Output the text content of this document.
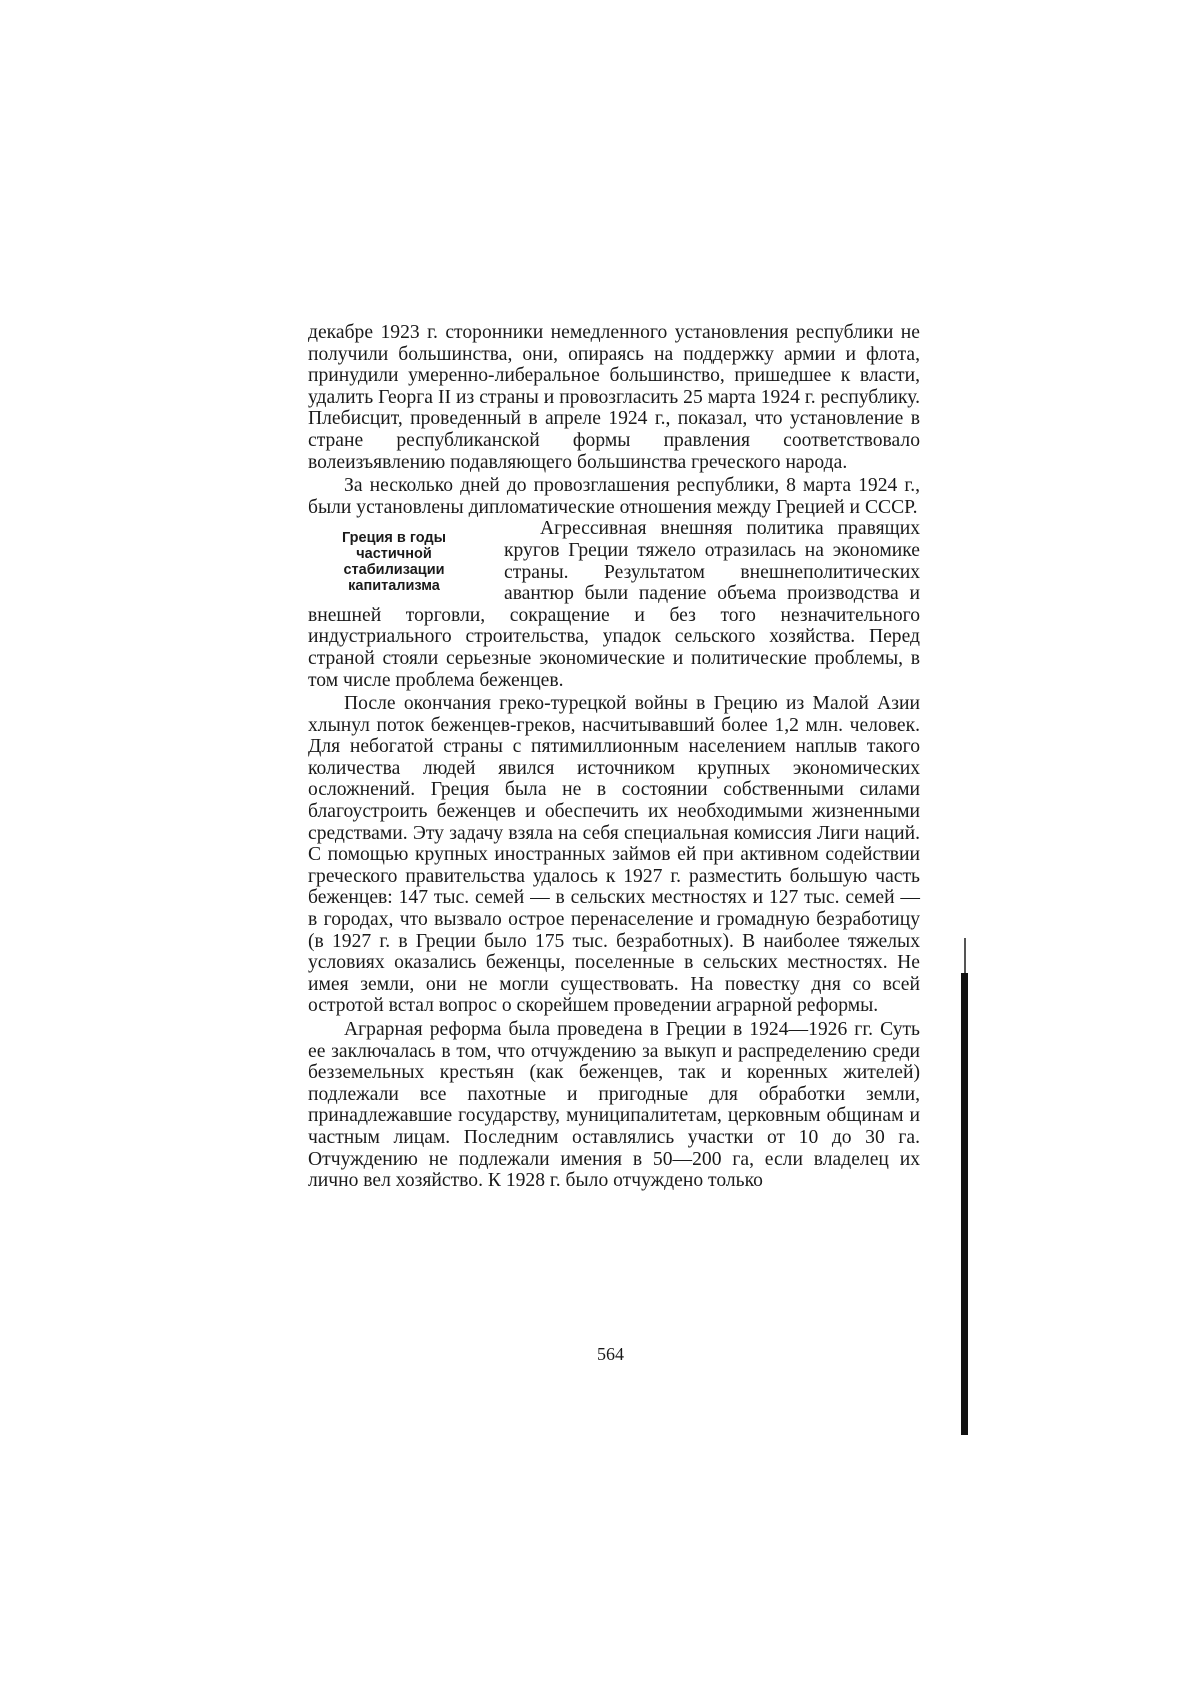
декабре 1923 г. сторонники немедленного установления республики не получили большинства, они, опираясь на поддержку армии и флота, принудили умеренно-либеральное большинство, пришедшее к власти, удалить Георга II из страны и провозгласить 25 марта 1924 г. республику. Плебисцит, проведенный в апреле 1924 г., показал, что установление в стране республиканской формы правления соответствовало волеизъявлению подавляющего большинства греческого народа.

За несколько дней до провозглашения республики, 8 марта 1924 г., были установлены дипломатические отношения между Грецией и СССР.

Греция в годы
частичной
стабилизации
капитализма

Агрессивная внешняя политика правящих кругов Греции тяжело отразилась на экономике страны. Результатом внешнеполитических авантюр были падение объема производства и внешней торговли, сокращение и без того незначительного индустриального строительства, упадок сельского хозяйства. Перед страной стояли серьезные экономические и политические проблемы, в том числе проблема беженцев.

После окончания греко-турецкой войны в Грецию из Малой Азии хлынул поток беженцев-греков, насчитывавший более 1,2 млн. человек. Для небогатой страны с пятимиллионным населением наплыв такого количества людей явился источником крупных экономических осложнений. Греция была не в состоянии собственными силами благоустроить беженцев и обеспечить их необходимыми жизненными средствами. Эту задачу взяла на себя специальная комиссия Лиги наций. С помощью крупных иностранных займов ей при активном содействии греческого правительства удалось к 1927 г. разместить большую часть беженцев: 147 тыс. семей — в сельских местностях и 127 тыс. семей — в городах, что вызвало острое перенаселение и громадную безработицу (в 1927 г. в Греции было 175 тыс. безработных). В наиболее тяжелых условиях оказались беженцы, поселенные в сельских местностях. Не имея земли, они не могли существовать. На повестку дня со всей остротой встал вопрос о скорейшем проведении аграрной реформы.

Аграрная реформа была проведена в Греции в 1924—1926 гг. Суть ее заключалась в том, что отчуждению за выкуп и распределению среди безземельных крестьян (как беженцев, так и коренных жителей) подлежали все пахотные и пригодные для обработки земли, принадлежавшие государству, муниципалитетам, церковным общинам и частным лицам. Последним оставлялись участки от 10 до 30 га. Отчуждению не подлежали имения в 50—200 га, если владелец их лично вел хозяйство. К 1928 г. было отчуждено только

564
